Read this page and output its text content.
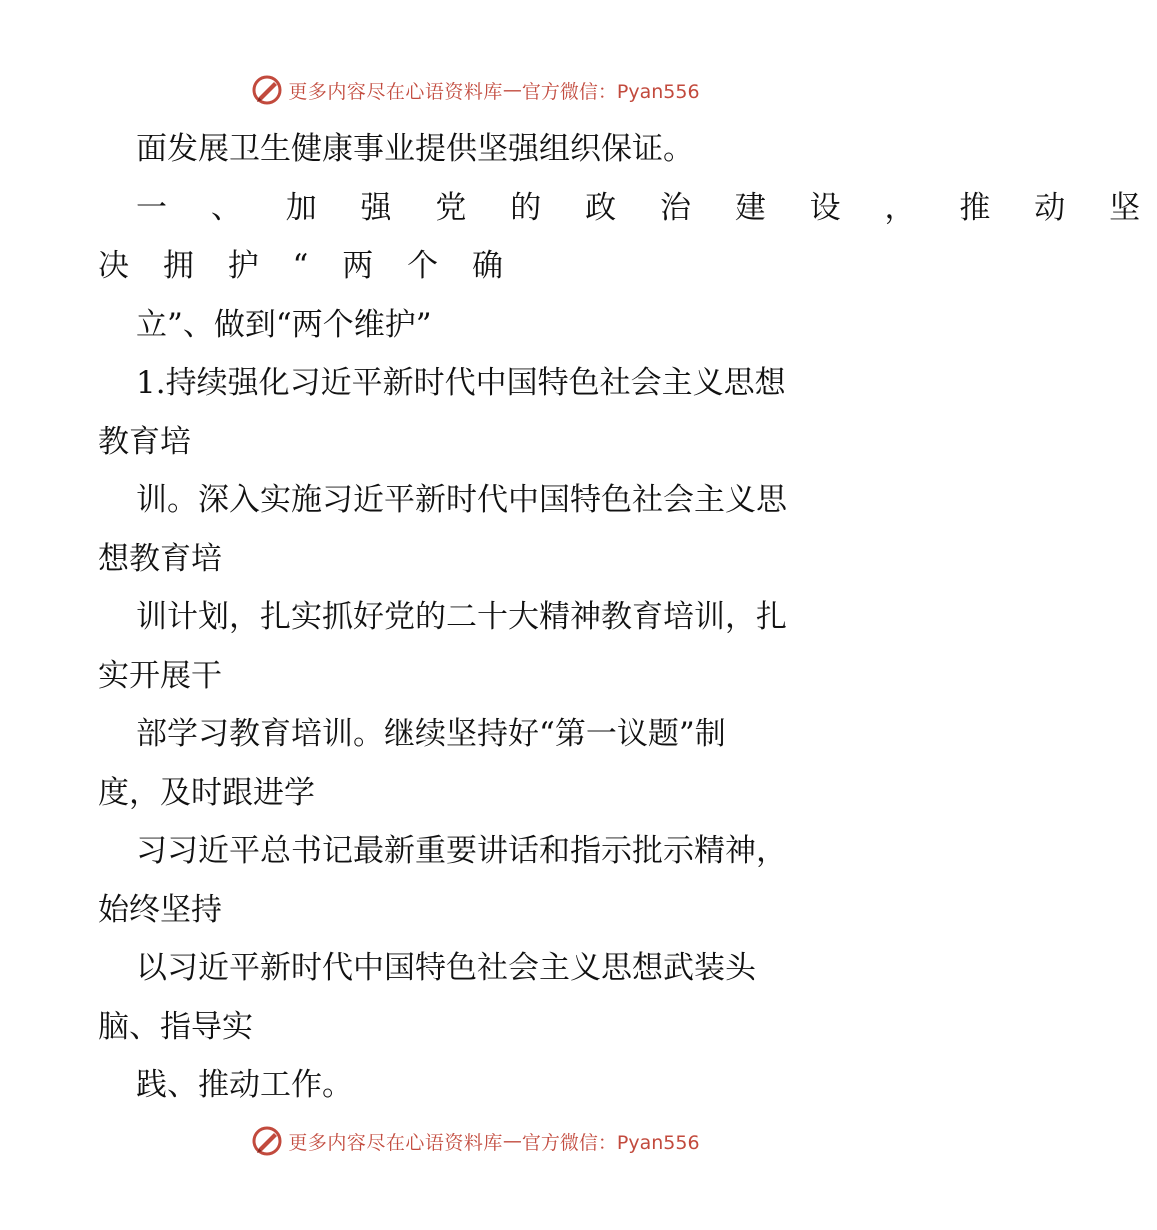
更多内容尽在心语资料库 — 官方微信：Pyan556
面发展卫生健康事业提供坚强组织保证。
一 、 加 强 党 的 政 治 建 设 ， 推 动 坚
决 拥 护 “ 两 个 确
立”、做到“两个维护”
1.持续强化习近平新时代中国特色社会主义思想
教育培
训。深入实施习近平新时代中国特色社会主义思
想教育培
训计划，扎实抓好党的二十大精神教育培训，扎
实开展干
部学习教育培训。继续坚持好“第一议题”制
度，及时跟进学
习习近平总书记最新重要讲话和指示批示精神，
始终坚持
以习近平新时代中国特色社会主义思想武装头
脑、指导实
践、推动工作。
更多内容尽在心语资料库 — 官方微信：Pyan556
